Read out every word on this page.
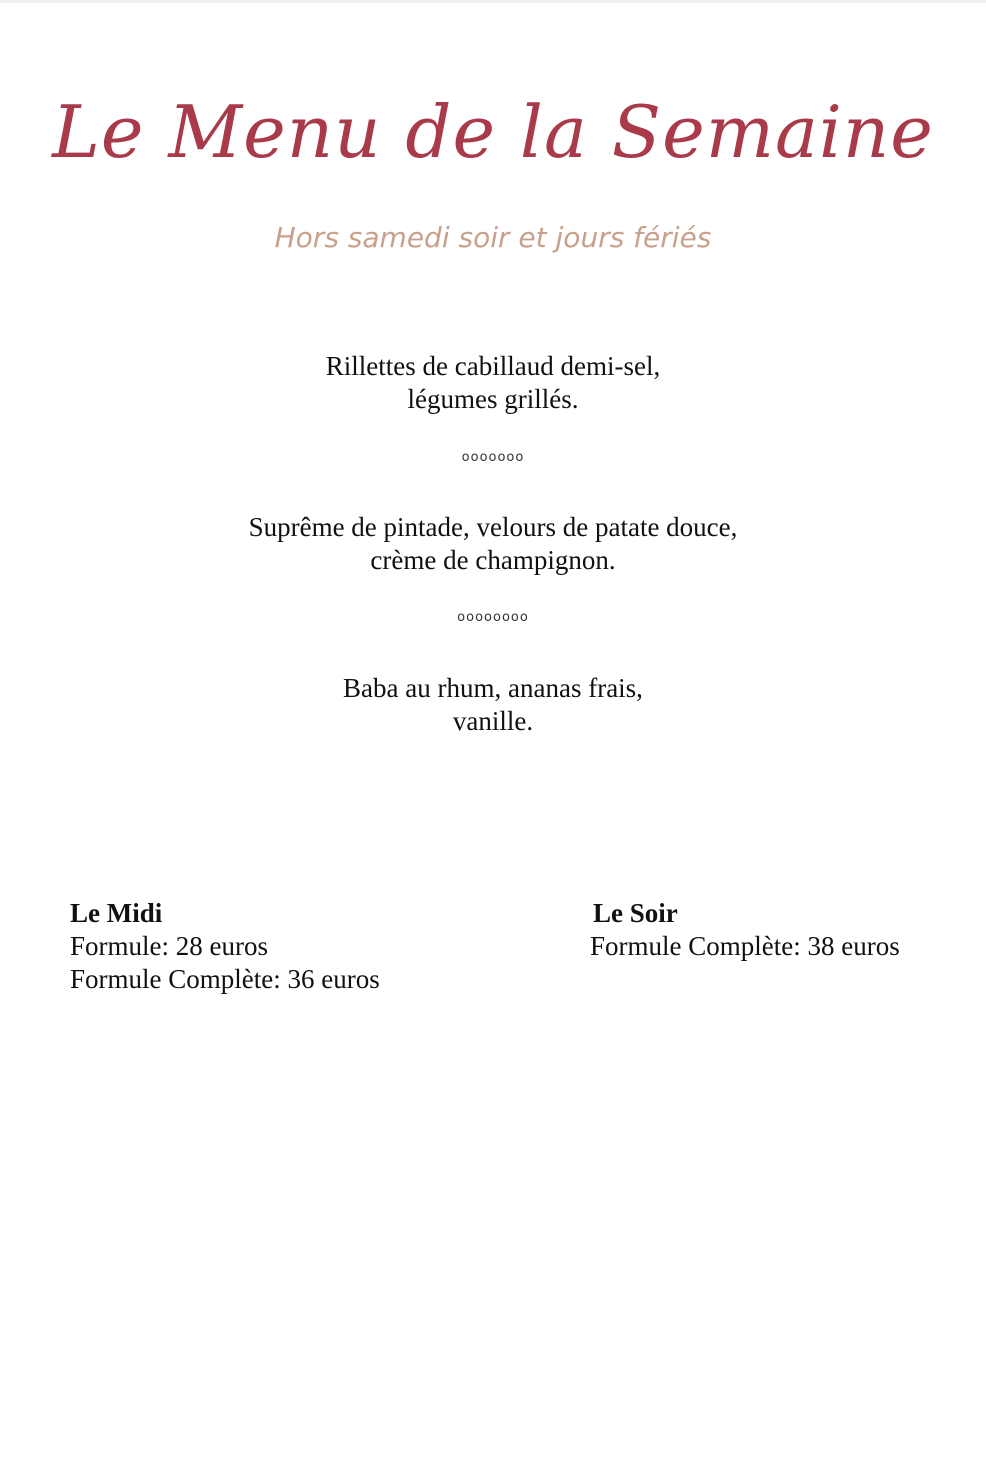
Le Menu de la Semaine
Hors samedi soir et jours fériés
Rillettes de cabillaud demi-sel,
légumes grillés.
ooooooo
Suprême de pintade, velours de patate douce,
crème de champignon.
oooooooo
Baba au rhum, ananas frais,
vanille.
Le Midi
Formule: 28 euros
Formule Complète: 36 euros
Le Soir
Formule Complète: 38 euros
